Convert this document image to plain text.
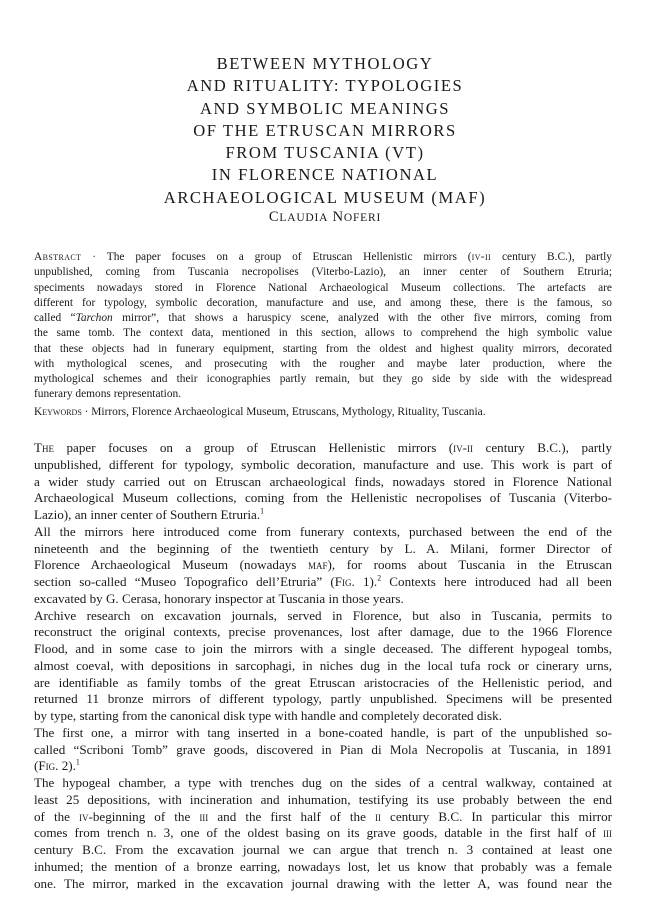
BETWEEN MYTHOLOGY
AND RITUALITY: TYPOLOGIES
AND SYMBOLIC MEANINGS
OF THE ETRUSCAN MIRRORS
FROM TUSCANIA (VT)
IN FLORENCE NATIONAL
ARCHAEOLOGICAL MUSEUM (MAF)
CLAUDIA NOFERI
Abstract · The paper focuses on a group of Etruscan Hellenistic mirrors (iv-ii century B.C.), partly
unpublished, coming from Tuscania necropolises (Viterbo-Lazio), an inner center of Southern Etruria;
speciments nowadays stored in Florence National Archaeological Museum collections. The artefacts are
different for typology, symbolic decoration, manufacture and use, and among these, there is the famous, so
called “Tarchon mirror”, that shows a haruspicy scene, analyzed with the other five mirrors, coming from
the same tomb. The context data, mentioned in this section, allows to comprehend the high symbolic value
that these objects had in funerary equipment, starting from the oldest and highest quality mirrors, decorated
with mythological scenes, and prosecuting with the rougher and maybe later production, where the
mythological schemes and their iconographies partly remain, but they go side by side with the widespread
funerary demons representation.
Keywords · Mirrors, Florence Archaeological Museum, Etruscans, Mythology, Rituality, Tuscania.
The paper focuses on a group of Etruscan Hellenistic mirrors (iv-ii century B.C.), partly
unpublished, different for typology, symbolic decoration, manufacture and use. This work is part of
a wider study carried out on Etruscan archaeological finds, nowadays stored in Florence National
Archaeological Museum collections, coming from the Hellenistic necropolises of Tuscania (Viterbo-
Lazio), an inner center of Southern Etruria.$^1$
All the mirrors here introduced come from funerary contexts, purchased between the end of the
nineteenth and the beginning of the twentieth century by L. A. Milani, former Director of
Florence Archaeological Museum (nowadays maf), for rooms about Tuscania in the Etruscan
section so-called “Museo Topografico dell’Etruria” (Fig. 1).$^2$ Contexts here introduced had all been
excavated by G. Cerasa, honorary inspector at Tuscania in those years.
Archive research on excavation journals, served in Florence, but also in Tuscania, permits to
reconstruct the original contexts, precise provenances, lost after damage, due to the 1966 Florence
Flood, and in some case to join the mirrors with a single deceased. The different hypogeal tombs,
almost coeval, with depositions in sarcophagi, in niches dug in the local tufa rock or cinerary urns,
are identifiable as family tombs of the great Etruscan aristocracies of the Hellenistic period, and
returned 11 bronze mirrors of different typology, partly unpublished. Specimens will be presented
by type, starting from the canonical disk type with handle and completely decorated disk.
The first one, a mirror with tang inserted in a bone-coated handle, is part of the unpublished so-
called “Scriboni Tomb” grave goods, discovered in Pian di Mola Necropolis at Tuscania, in 1891
(Fig. 2).$^1$
The hypogeal chamber, a type with trenches dug on the sides of a central walkway, contained at
least 25 depositions, with incineration and inhumation, testifying its use probably between the end
of the iv-beginning of the iii and the first half of the ii century B.C. In particular this mirror
comes from trench n. 3, one of the oldest basing on its grave goods, datable in the first half of iii
century B.C. From the excavation journal we can argue that trench n. 3 contained at least one
inhumed; the mention of a bronze earring, nowadays lost, let us know that probably was a female
one. The mirror, marked in the excavation journal drawing with the letter A, was found near the
